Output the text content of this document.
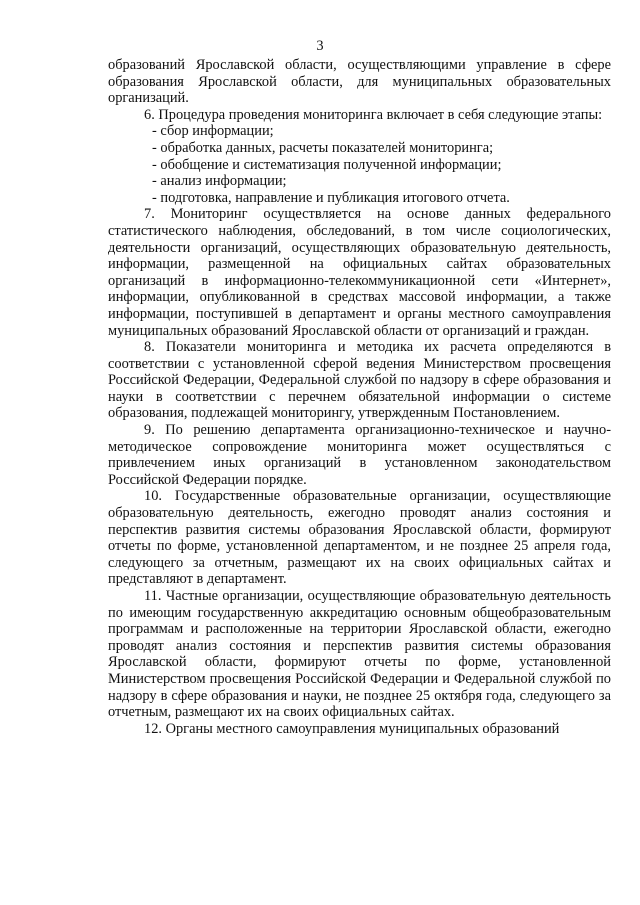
3

образований Ярославской области, осуществляющими управление в сфере образования Ярославской области, для муниципальных образовательных организаций.

6. Процедура проведения мониторинга включает в себя следующие этапы:

- сбор информации;
- обработка данных, расчеты показателей мониторинга;
- обобщение и систематизация полученной информации;
- анализ информации;
- подготовка, направление и публикация итогового отчета.

7. Мониторинг осуществляется на основе данных федерального статистического наблюдения, обследований, в том числе социологических, деятельности организаций, осуществляющих образовательную деятельность, информации, размещенной на официальных сайтах образовательных организаций в информационно-телекоммуникационной сети «Интернет», информации, опубликованной в средствах массовой информации, а также информации, поступившей в департамент и органы местного самоуправления муниципальных образований Ярославской области от организаций и граждан.

8. Показатели мониторинга и методика их расчета определяются в соответствии с установленной сферой ведения Министерством просвещения Российской Федерации, Федеральной службой по надзору в сфере образования и науки в соответствии с перечнем обязательной информации о системе образования, подлежащей мониторингу, утвержденным Постановлением.

9. По решению департамента организационно-техническое и научно-методическое сопровождение мониторинга может осуществляться с привлечением иных организаций в установленном законодательством Российской Федерации порядке.

10. Государственные образовательные организации, осуществляющие образовательную деятельность, ежегодно проводят анализ состояния и перспектив развития системы образования Ярославской области, формируют отчеты по форме, установленной департаментом, и не позднее 25 апреля года, следующего за отчетным, размещают их на своих официальных сайтах и представляют в департамент.

11. Частные организации, осуществляющие образовательную деятельность по имеющим государственную аккредитацию основным общеобразовательным программам и расположенные на территории Ярославской области, ежегодно проводят анализ состояния и перспектив развития системы образования Ярославской области, формируют отчеты по форме, установленной Министерством просвещения Российской Федерации и Федеральной службой по надзору в сфере образования и науки, не позднее 25 октября года, следующего за отчетным, размещают их на своих официальных сайтах.

12. Органы местного самоуправления муниципальных образований
